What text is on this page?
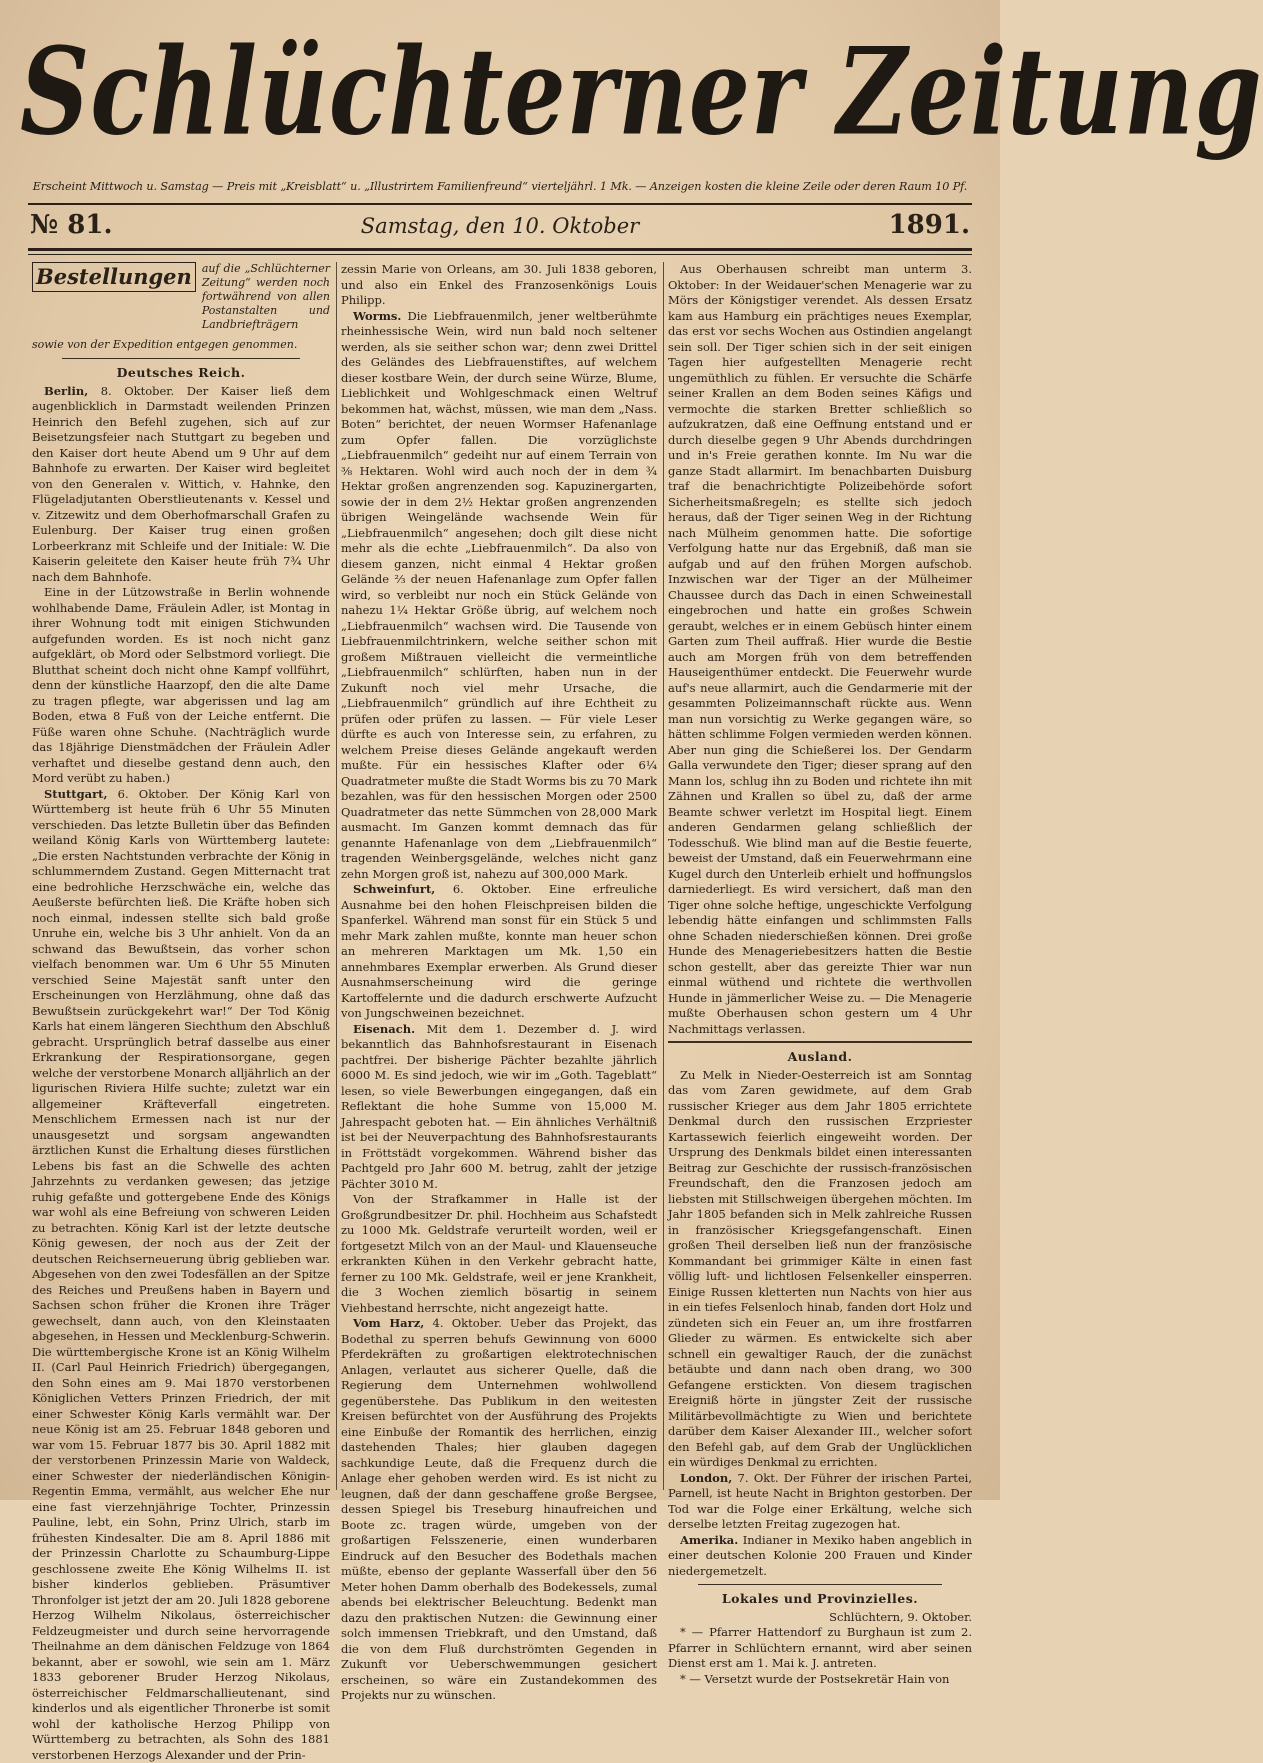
Schlüchterner Zeitung
Erscheint Mittwoch u. Samstag — Preis mit „Kreisblatt“ u. „Illustrirtem Familienfreund“ vierteljährl. 1 Mk. — Anzeigen kosten die kleine Zeile oder deren Raum 10 Pf.
№ 81.	Samstag, den 10. Oktober	1891.
Bestellungen auf die „Schlüchterner Zeitung“ werden noch fortwährend von allen Postanstalten und Landbriefträgern
sowie von der Expedition entgegen genommen.
Deutsches Reich.

Berlin, 8. Oktober. Der Kaiser ließ dem augenblicklich in Darmstadt weilenden Prinzen Heinrich den Befehl zugehen, sich auf zur Beisetzungsfeier nach Stuttgart zu begeben und den Kaiser dort heute Abend um 9 Uhr auf dem Bahnhofe zu erwarten. Der Kaiser wird begleitet von den Generalen v. Wittich, v. Hahnke, den Flügeladjutanten Oberstlieutenants v. Kessel und v. Zitzewitz und dem Oberhofmarschall Grafen zu Eulenburg. Der Kaiser trug einen großen Lorbeerkranz mit Schleife und der Initiale: W. Die Kaiserin geleitete den Kaiser heute früh 7¾ Uhr nach dem Bahnhofe.

Eine in der Lützowstraße in Berlin wohnende wohlhabende Dame, Fräulein Adler, ist Montag in ihrer Wohnung todt mit einigen Stichwunden aufgefunden worden. Es ist noch nicht ganz aufgeklärt, ob Mord oder Selbstmord vorliegt. Die Blutthat scheint doch nicht ohne Kampf vollführt, denn der künstliche Haarzopf, den die alte Dame zu tragen pflegte, war abgerissen und lag am Boden, etwa 8 Fuß von der Leiche entfernt. Die Füße waren ohne Schuhe. (Nachträglich wurde das 18jährige Dienstmädchen der Fräulein Adler verhaftet und dieselbe gestand denn auch, den Mord verübt zu haben.)

Stuttgart, 6. Oktober. Der König Karl von Württemberg ist heute früh 6 Uhr 55 Minuten verschieden. Das letzte Bulletin über das Befinden weiland König Karls von Württemberg lautete: „Die ersten Nachtstunden verbrachte der König in schlummerndem Zustand. Gegen Mitternacht trat eine bedrohliche Herzschwäche ein, welche das Aeußerste befürchten ließ. Die Kräfte hoben sich noch einmal, indessen stellte sich bald große Unruhe ein, welche bis 3 Uhr anhielt. Von da an schwand das Bewußtsein, das vorher schon vielfach benommen war. Um 6 Uhr 55 Minuten verschied Seine Majestät sanft unter den Erscheinungen von Herzlähmung, ohne daß das Bewußtsein zurückgekehrt war!“ Der Tod König Karls hat einem längeren Siechthum den Abschluß gebracht. Ursprünglich betraf dasselbe aus einer Erkrankung der Respirationsorgane, gegen welche der verstorbene Monarch alljährlich an der ligurischen Riviera Hilfe suchte; zuletzt war ein allgemeiner Kräfteverfall eingetreten. Menschlichem Ermessen nach ist nur der unausgesetzt und sorgsam angewandten ärztlichen Kunst die Erhaltung dieses fürstlichen Lebens bis fast an die Schwelle des achten Jahrzehnts zu verdanken gewesen; das jetzige ruhig gefaßte und gottergebene Ende des Königs war wohl als eine Befreiung von schweren Leiden zu betrachten. König Karl ist der letzte deutsche König gewesen, der noch aus der Zeit der deutschen Reichserneuerung übrig geblieben war. Abgesehen von den zwei Todesfällen an der Spitze des Reiches und Preußens haben in Bayern und Sachsen schon früher die Kronen ihre Träger gewechselt, dann auch, von den Kleinstaaten abgesehen, in Hessen und Mecklenburg-Schwerin. Die württembergische Krone ist an König Wilhelm II. (Carl Paul Heinrich Friedrich) übergegangen, den Sohn eines am 9. Mai 1870 verstorbenen Königlichen Vetters Prinzen Friedrich, der mit einer Schwester König Karls vermählt war. Der neue König ist am 25. Februar 1848 geboren und war vom 15. Februar 1877 bis 30. April 1882 mit der verstorbenen Prinzessin Marie von Waldeck, einer Schwester der niederländischen Königin-Regentin Emma, vermählt, aus welcher Ehe nur eine fast vierzehnjährige Tochter, Prinzessin Pauline, lebt, ein Sohn, Prinz Ulrich, starb im frühesten Kindesalter. Die am 8. April 1886 mit der Prinzessin Charlotte zu Schaumburg-Lippe geschlossene zweite Ehe König Wilhelms II. ist bisher kinderlos geblieben. Präsumtiver Thronfolger ist jetzt der am 20. Juli 1828 geborene Herzog Wilhelm Nikolaus, österreichischer Feldzeugmeister und durch seine hervorragende Theilnahme an dem dänischen Feldzuge von 1864 bekannt, aber er sowohl, wie sein am 1. März 1833 geborener Bruder Herzog Nikolaus, österreichischer Feldmarschallieutenant, sind kinderlos und als eigentlicher Thronerbe ist somit wohl der katholische Herzog Philipp von Württemberg zu betrachten, als Sohn des 1881 verstorbenen Herzogs Alexander und der Prin-

zessin Marie von Orleans, am 30. Juli 1838 geboren, und also ein Enkel des Franzosenkönigs Louis Philipp.

Worms. Die Liebfrauenmilch, jener weltberühmte rheinhessische Wein, wird nun bald noch seltener werden, als sie seither schon war; denn zwei Drittel des Geländes des Liebfrauenstiftes, auf welchem dieser kostbare Wein, der durch seine Würze, Blume, Lieblichkeit und Wohlgeschmack einen Weltruf bekommen hat, wächst, müssen, wie man dem „Nass. Boten“ berichtet, der neuen Wormser Hafenanlage zum Opfer fallen. Die vorzüglichste „Liebfrauenmilch“ gedeiht nur auf einem Terrain von ⅜ Hektaren. Wohl wird auch noch der in dem ¾ Hektar großen angrenzenden sog. Kapuzinergarten, sowie der in dem 2½ Hektar großen angrenzenden übrigen Weingelände wachsende Wein für „Liebfrauenmilch“ angesehen; doch gilt diese nicht mehr als die echte „Liebfrauenmilch“. Da also von diesem ganzen, nicht einmal 4 Hektar großen Gelände ⅔ der neuen Hafenanlage zum Opfer fallen wird, so verbleibt nur noch ein Stück Gelände von nahezu 1¼ Hektar Größe übrig, auf welchem noch „Liebfrauenmilch“ wachsen wird. Die Tausende von Liebfrauenmilchtrinkern, welche seither schon mit großem Mißtrauen vielleicht die vermeintliche „Liebfrauenmilch“ schlürften, haben nun in der Zukunft noch viel mehr Ursache, die „Liebfrauenmilch“ gründlich auf ihre Echtheit zu prüfen oder prüfen zu lassen. — Für viele Leser dürfte es auch von Interesse sein, zu erfahren, zu welchem Preise dieses Gelände angekauft werden mußte. Für ein hessisches Klafter oder 6¼ Quadratmeter mußte die Stadt Worms bis zu 70 Mark bezahlen, was für den hessischen Morgen oder 2500 Quadratmeter das nette Sümmchen von 28,000 Mark ausmacht. Im Ganzen kommt demnach das für genannte Hafenanlage von dem „Liebfrauenmilch“ tragenden Weinbergsgelände, welches nicht ganz zehn Morgen groß ist, nahezu auf 300,000 Mark.

Schweinfurt, 6. Oktober. Eine erfreuliche Ausnahme bei den hohen Fleischpreisen bilden die Spanferkel. Während man sonst für ein Stück 5 und mehr Mark zahlen mußte, konnte man heuer schon an mehreren Marktagen um Mk. 1,50 ein annehmbares Exemplar erwerben. Als Grund dieser Ausnahmserscheinung wird die geringe Kartoffelernte und die dadurch erschwerte Aufzucht von Jungschweinen bezeichnet.

Eisenach. Mit dem 1. Dezember d. J. wird bekanntlich das Bahnhofsrestaurant in Eisenach pachtfrei. Der bisherige Pächter bezahlte jährlich 6000 M. Es sind jedoch, wie wir im „Goth. Tageblatt“ lesen, so viele Bewerbungen eingegangen, daß ein Reflektant die hohe Summe von 15,000 M. Jahrespacht geboten hat. — Ein ähnliches Verhältniß ist bei der Neuverpachtung des Bahnhofsrestaurants in Fröttstädt vorgekommen. Während bisher das Pachtgeld pro Jahr 600 M. betrug, zahlt der jetzige Pächter 3010 M.

Von der Strafkammer in Halle ist der Großgrundbesitzer Dr. phil. Hochheim aus Schafstedt zu 1000 Mk. Geldstrafe verurteilt worden, weil er fortgesetzt Milch von an der Maul- und Klauenseuche erkrankten Kühen in den Verkehr gebracht hatte, ferner zu 100 Mk. Geldstrafe, weil er jene Krankheit, die 3 Wochen ziemlich bösartig in seinem Viehbestand herrschte, nicht angezeigt hatte.

Vom Harz, 4. Oktober. Ueber das Projekt, das Bodethal zu sperren behufs Gewinnung von 6000 Pferdekräften zu großartigen elektrotechnischen Anlagen, verlautet aus sicherer Quelle, daß die Regierung dem Unternehmen wohlwollend gegenüberstehe. Das Publikum in den weitesten Kreisen befürchtet von der Ausführung des Projekts eine Einbuße der Romantik des herrlichen, einzig dastehenden Thales; hier glauben dagegen sachkundige Leute, daß die Frequenz durch die Anlage eher gehoben werden wird. Es ist nicht zu leugnen, daß der dann geschaffene große Bergsee, dessen Spiegel bis Treseburg hinaufreichen und Boote zc. tragen würde, umgeben von der großartigen Felsszenerie, einen wunderbaren Eindruck auf den Besucher des Bodethals machen müßte, ebenso der geplante Wasserfall über den 56 Meter hohen Damm oberhalb des Bodekessels, zumal abends bei elektrischer Beleuchtung. Bedenkt man dazu den praktischen Nutzen: die Gewinnung einer solch immensen Triebkraft, und den Umstand, daß die von dem Fluß durchströmten Gegenden in Zukunft vor Ueberschwemmungen gesichert erscheinen, so wäre ein Zustandekommen des Projekts nur zu wünschen.

Aus Oberhausen schreibt man unterm 3. Oktober: In der Weidauer'schen Menagerie war zu Mörs der Königstiger verendet. Als dessen Ersatz kam aus Hamburg ein prächtiges neues Exemplar, das erst vor sechs Wochen aus Ostindien angelangt sein soll. Der Tiger schien sich in der seit einigen Tagen hier aufgestellten Menagerie recht ungemüthlich zu fühlen. Er versuchte die Schärfe seiner Krallen an dem Boden seines Käfigs und vermochte die starken Bretter schließlich so aufzukratzen, daß eine Oeffnung entstand und er durch dieselbe gegen 9 Uhr Abends durchdringen und in's Freie gerathen konnte. Im Nu war die ganze Stadt allarmirt. Im benachbarten Duisburg traf die benachrichtigte Polizeibehörde sofort Sicherheitsmaßregeln; es stellte sich jedoch heraus, daß der Tiger seinen Weg in der Richtung nach Mülheim genommen hatte. Die sofortige Verfolgung hatte nur das Ergebniß, daß man sie aufgab und auf den frühen Morgen aufschob. Inzwischen war der Tiger an der Mülheimer Chaussee durch das Dach in einen Schweinestall eingebrochen und hatte ein großes Schwein geraubt, welches er in einem Gebüsch hinter einem Garten zum Theil auffraß. Hier wurde die Bestie auch am Morgen früh von dem betreffenden Hauseigenthümer entdeckt. Die Feuerwehr wurde auf's neue allarmirt, auch die Gendarmerie mit der gesammten Polizeimannschaft rückte aus. Wenn man nun vorsichtig zu Werke gegangen wäre, so hätten schlimme Folgen vermieden werden können. Aber nun ging die Schießerei los. Der Gendarm Galla verwundete den Tiger; dieser sprang auf den Mann los, schlug ihn zu Boden und richtete ihn mit Zähnen und Krallen so übel zu, daß der arme Beamte schwer verletzt im Hospital liegt. Einem anderen Gendarmen gelang schließlich der Todesschuß. Wie blind man auf die Bestie feuerte, beweist der Umstand, daß ein Feuerwehrmann eine Kugel durch den Unterleib erhielt und hoffnungslos darniederliegt. Es wird versichert, daß man den Tiger ohne solche heftige, ungeschickte Verfolgung lebendig hätte einfangen und schlimmsten Falls ohne Schaden niederschießen können. Drei große Hunde des Menageriebesitzers hatten die Bestie schon gestellt, aber das gereizte Thier war nun einmal wüthend und richtete die werthvollen Hunde in jämmerlicher Weise zu. — Die Menagerie mußte Oberhausen schon gestern um 4 Uhr Nachmittags verlassen.

Ausland.

Zu Melk in Nieder-Oesterreich ist am Sonntag das vom Zaren gewidmete, auf dem Grab russischer Krieger aus dem Jahr 1805 errichtete Denkmal durch den russischen Erzpriester Kartassewich feierlich eingeweiht worden. Der Ursprung des Denkmals bildet einen interessanten Beitrag zur Geschichte der russisch-französischen Freundschaft, den die Franzosen jedoch am liebsten mit Stillschweigen übergehen möchten. Im Jahr 1805 befanden sich in Melk zahlreiche Russen in französischer Kriegsgefangenschaft. Einen großen Theil derselben ließ nun der französische Kommandant bei grimmiger Kälte in einen fast völlig luft- und lichtlosen Felsenkeller einsperren. Einige Russen kletterten nun Nachts von hier aus in ein tiefes Felsenloch hinab, fanden dort Holz und zündeten sich ein Feuer an, um ihre frostfarren Glieder zu wärmen. Es entwickelte sich aber schnell ein gewaltiger Rauch, der die zunächst betäubte und dann nach oben drang, wo 300 Gefangene erstickten. Von diesem tragischen Ereigniß hörte in jüngster Zeit der russische Militärbevollmächtigte zu Wien und berichtete darüber dem Kaiser Alexander III., welcher sofort den Befehl gab, auf dem Grab der Unglücklichen ein würdiges Denkmal zu errichten.

London, 7. Okt. Der Führer der irischen Partei, Parnell, ist heute Nacht in Brighton gestorben. Der Tod war die Folge einer Erkältung, welche sich derselbe letzten Freitag zugezogen hat.

Amerika. Indianer in Mexiko haben angeblich in einer deutschen Kolonie 200 Frauen und Kinder niedergemetzelt.

Lokales und Provinzielles.

Schlüchtern, 9. Oktober.

* — Pfarrer Hattendorf zu Burghaun ist zum 2. Pfarrer in Schlüchtern ernannt, wird aber seinen Dienst erst am 1. Mai k. J. antreten.

* — Versetzt wurde der Postsekretär Hain von
